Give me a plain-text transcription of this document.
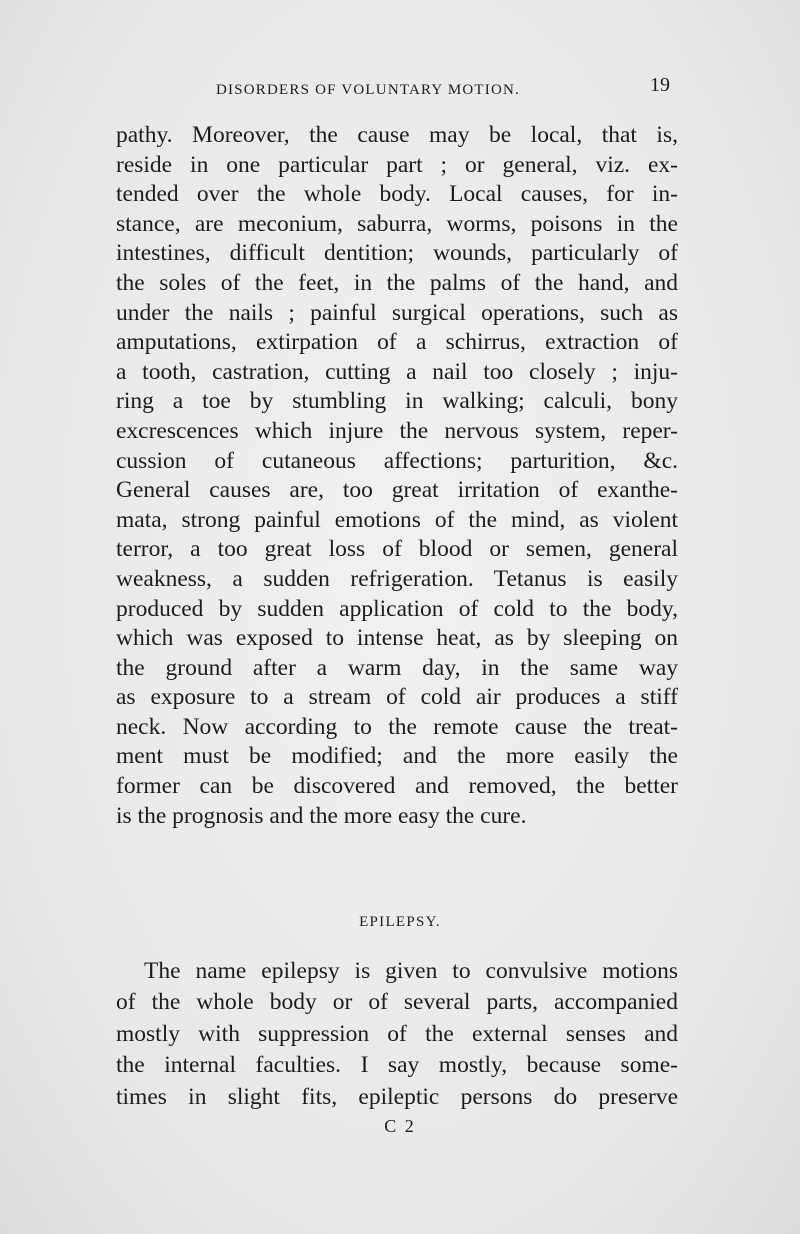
DISORDERS OF VOLUNTARY MOTION.	19
pathy. Moreover, the cause may be local, that is,
reside in one particular part ; or general, viz. ex-
tended over the whole body. Local causes, for in-
stance, are meconium, saburra, worms, poisons in the
intestines, difficult dentition; wounds, particularly of
the soles of the feet, in the palms of the hand, and
under the nails ; painful surgical operations, such as
amputations, extirpation of a schirrus, extraction of
a tooth, castration, cutting a nail too closely ; inju-
ring a toe by stumbling in walking; calculi, bony
excrescences which injure the nervous system, reper-
cussion of cutaneous affections; parturition, &c.
General causes are, too great irritation of exanthe-
mata, strong painful emotions of the mind, as violent
terror, a too great loss of blood or semen, general
weakness, a sudden refrigeration. Tetanus is easily
produced by sudden application of cold to the body,
which was exposed to intense heat, as by sleeping on
the ground after a warm day, in the same way
as exposure to a stream of cold air produces a stiff
neck. Now according to the remote cause the treat-
ment must be modified; and the more easily the
former can be discovered and removed, the better
is the prognosis and the more easy the cure.
EPILEPSY.
The name epilepsy is given to convulsive motions
of the whole body or of several parts, accompanied
mostly with suppression of the external senses and
the internal faculties. I say mostly, because some-
times in slight fits, epileptic persons do preserve
C 2
